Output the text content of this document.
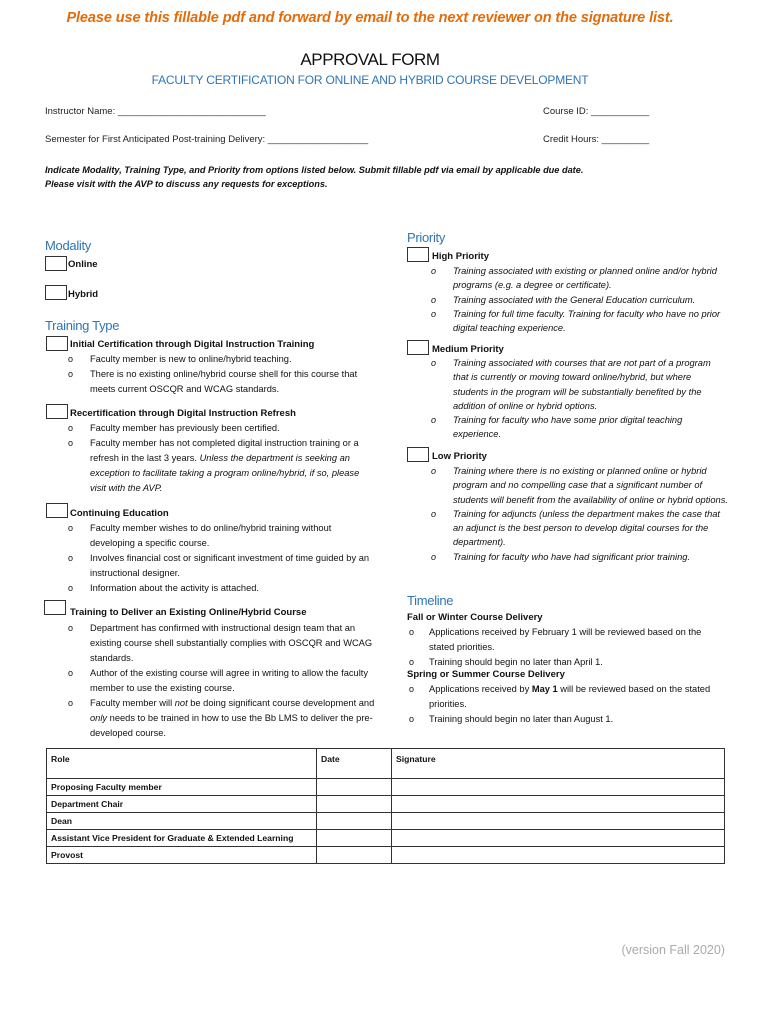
Please use this fillable pdf and forward by email to the next reviewer on the signature list.
APPROVAL FORM
FACULTY CERTIFICATION FOR ONLINE AND HYBRID COURSE DEVELOPMENT
Instructor Name: ____________________________	Course ID: ___________
Semester for First Anticipated Post-training Delivery: ___________________	Credit Hours: _________
Indicate Modality, Training Type, and Priority from options listed below. Submit fillable pdf via email by applicable due date.
Please visit with the AVP to discuss any requests for exceptions.
Modality
Online
Hybrid
Training Type
Initial Certification through Digital Instruction Training
o Faculty member is new to online/hybrid teaching.
o There is no existing online/hybrid course shell for this course that meets current OSCQR and WCAG standards.
Recertification through Digital Instruction Refresh
o Faculty member has previously been certified.
o Faculty member has not completed digital instruction training or a refresh in the last 3 years. Unless the department is seeking an exception to facilitate taking a program online/hybrid, if so, please visit with the AVP.
Continuing Education
o Faculty member wishes to do online/hybrid training without developing a specific course.
o Involves financial cost or significant investment of time guided by an instructional designer.
o Information about the activity is attached.
Training to Deliver an Existing Online/Hybrid Course
o Department has confirmed with instructional design team that an existing course shell substantially complies with OSCQR and WCAG standards.
o Author of the existing course will agree in writing to allow the faculty member to use the existing course.
o Faculty member will not be doing significant course development and only needs to be trained in how to use the Bb LMS to deliver the pre-developed course.
Priority
High Priority
o Training associated with existing or planned online and/or hybrid programs (e.g. a degree or certificate).
o Training associated with the General Education curriculum.
o Training for full time faculty. Training for faculty who have no prior digital teaching experience.
Medium Priority
o Training associated with courses that are not part of a program that is currently or moving toward online/hybrid, but where students in the program will be substantially benefited by the addition of online or hybrid options.
o Training for faculty who have some prior digital teaching experience.
Low Priority
o Training where there is no existing or planned online or hybrid program and no compelling case that a significant number of students will benefit from the availability of online or hybrid options.
o Training for adjuncts (unless the department makes the case that an adjunct is the best person to develop digital courses for the department).
o Training for faculty who have had significant prior training.
Timeline
Fall or Winter Course Delivery
o Applications received by February 1 will be reviewed based on the stated priorities.
o Training should begin no later than April 1.
Spring or Summer Course Delivery
o Applications received by May 1 will be reviewed based on the stated priorities.
o Training should begin no later than August 1.
Role	Date	Signature
Proposing Faculty member		
Department Chair		
Dean		
Assistant Vice President for Graduate & Extended Learning		
Provost		
(version Fall 2020)
